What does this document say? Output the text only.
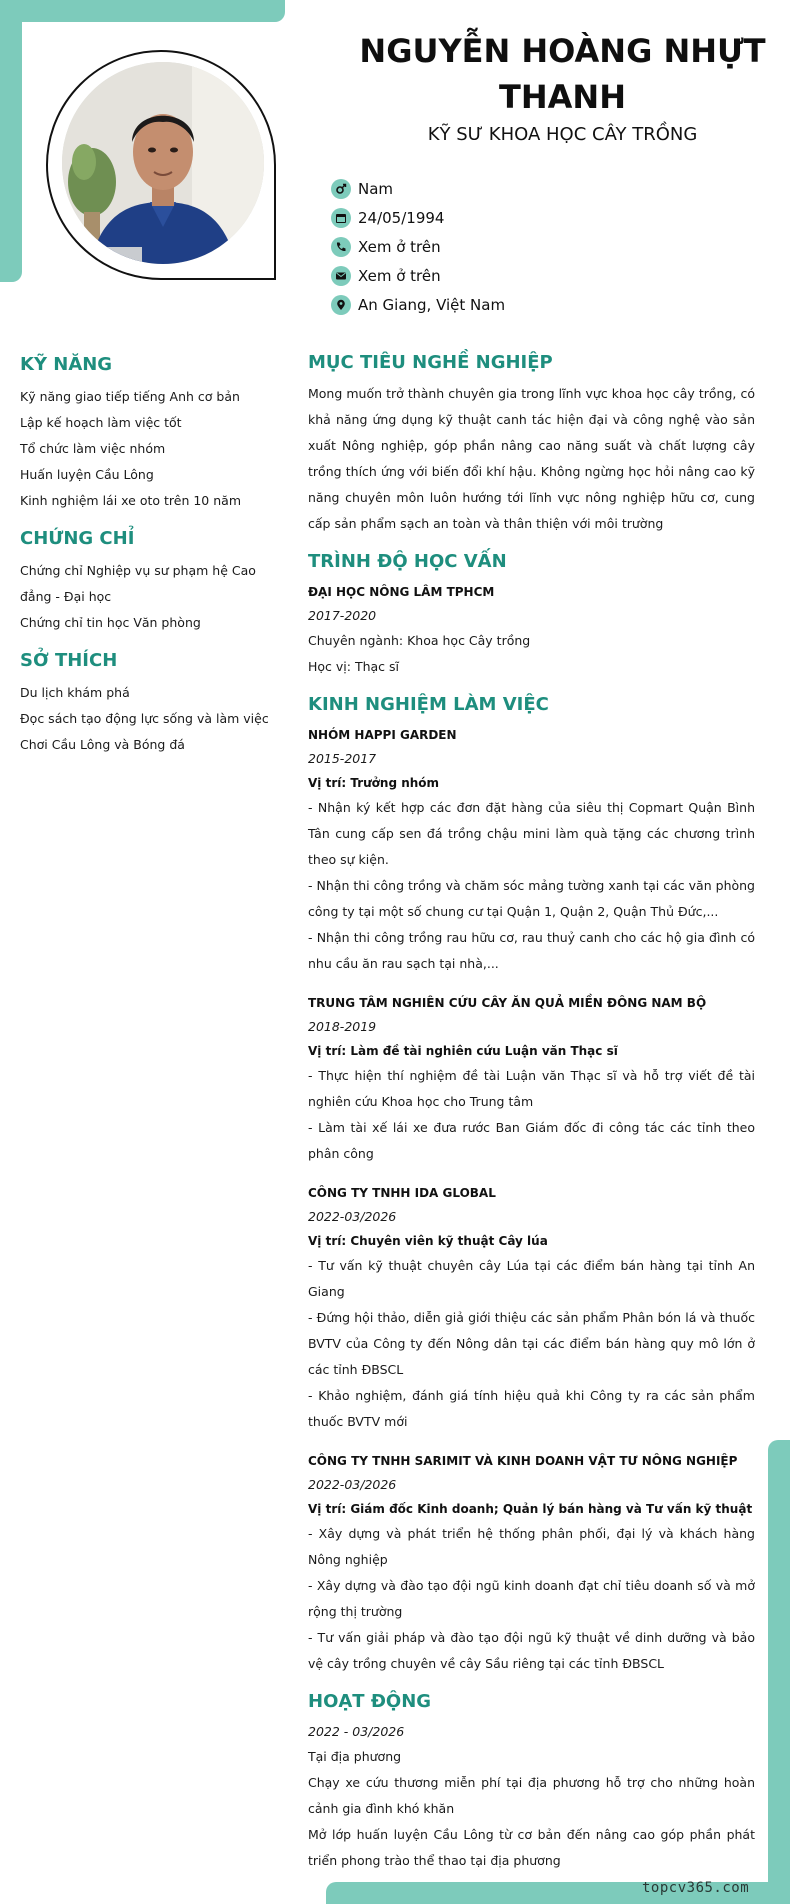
topcv365.com
NGUYỄN HOÀNG NHỰT THANH
KỸ SƯ KHOA HỌC CÂY TRỒNG
Nam
24/05/1994
Xem ở trên
Xem ở trên
An Giang, Việt Nam
KỸ NĂNG
Kỹ năng giao tiếp tiếng Anh cơ bản
Lập kế hoạch làm việc tốt
Tổ chức làm việc nhóm
Huấn luyện Cầu Lông
Kinh nghiệm lái xe oto trên 10 năm
CHỨNG CHỈ
Chứng chỉ Nghiệp vụ sư phạm hệ Cao đẳng - Đại học
Chứng chỉ tin học Văn phòng
SỞ THÍCH
Du lịch khám phá
Đọc sách tạo động lực sống và làm việc
Chơi Cầu Lông và Bóng đá
MỤC TIÊU NGHỀ NGHIỆP
Mong muốn trở thành chuyên gia trong lĩnh vực khoa học cây trồng, có khả năng ứng dụng kỹ thuật canh tác hiện đại và công nghệ vào sản xuất Nông nghiệp, góp phần nâng cao năng suất và chất lượng cây trồng thích ứng với biến đổi khí hậu. Không ngừng học hỏi nâng cao kỹ năng chuyên môn luôn hướng tới lĩnh vực nông nghiệp hữu cơ, cung cấp sản phẩm sạch an toàn và thân thiện với môi trường
TRÌNH ĐỘ HỌC VẤN
ĐẠI HỌC NÔNG LÂM TPHCM
2017-2020
Chuyên ngành: Khoa học Cây trồng
Học vị: Thạc sĩ
KINH NGHIỆM LÀM VIỆC
NHÓM HAPPI GARDEN
2015-2017
Vị trí: Trưởng nhóm
- Nhận ký kết hợp các đơn đặt hàng của siêu thị Copmart Quận Bình Tân cung cấp sen đá trồng chậu mini làm quà tặng các chương trình theo sự kiện.
- Nhận thi công trồng và chăm sóc mảng tường xanh tại các văn phòng công ty tại một số chung cư tại Quận 1, Quận 2, Quận Thủ Đức,...
- Nhận thi công trồng rau hữu cơ, rau thuỷ canh cho các hộ gia đình có nhu cầu ăn rau sạch tại nhà,...
TRUNG TÂM NGHIÊN CỨU CÂY ĂN QUẢ MIỀN ĐÔNG NAM BỘ
2018-2019
Vị trí: Làm đề tài nghiên cứu Luận văn Thạc sĩ
- Thực hiện thí nghiệm đề tài Luận văn Thạc sĩ và hỗ trợ viết đề tài nghiên cứu Khoa học cho Trung tâm
- Làm tài xế lái xe đưa rước Ban Giám đốc đi công tác các tỉnh theo phân công
CÔNG TY TNHH IDA GLOBAL
2022-03/2026
Vị trí: Chuyên viên kỹ thuật Cây lúa
- Tư vấn kỹ thuật chuyên cây Lúa tại các điểm bán hàng tại tỉnh An Giang
- Đứng hội thảo, diễn giả giới thiệu các sản phẩm Phân bón lá và thuốc BVTV của Công ty đến Nông dân tại các điểm bán hàng quy mô lớn ở các tỉnh ĐBSCL
- Khảo nghiệm, đánh giá tính hiệu quả khi Công ty ra các sản phẩm thuốc BVTV mới
CÔNG TY TNHH SARIMIT VÀ KINH DOANH VẬT TƯ NÔNG NGHIỆP
2022-03/2026
Vị trí: Giám đốc Kinh doanh; Quản lý bán hàng và Tư vấn kỹ thuật
- Xây dựng và phát triển hệ thống phân phối, đại lý và khách hàng Nông nghiệp
- Xây dựng và đào tạo đội ngũ kinh doanh đạt chỉ tiêu doanh số và mở rộng thị trường
- Tư vấn giải pháp và đào tạo đội ngũ kỹ thuật về dinh dưỡng và bảo vệ cây trồng chuyên về cây Sầu riêng tại các tỉnh ĐBSCL
HOẠT ĐỘNG
2022 - 03/2026
Tại địa phương
Chạy xe cứu thương miễn phí tại địa phương hỗ trợ cho những hoàn cảnh gia đình khó khăn
Mở lớp huấn luyện Cầu Lông từ cơ bản đến nâng cao góp phần phát triển phong trào thể thao tại địa phương
